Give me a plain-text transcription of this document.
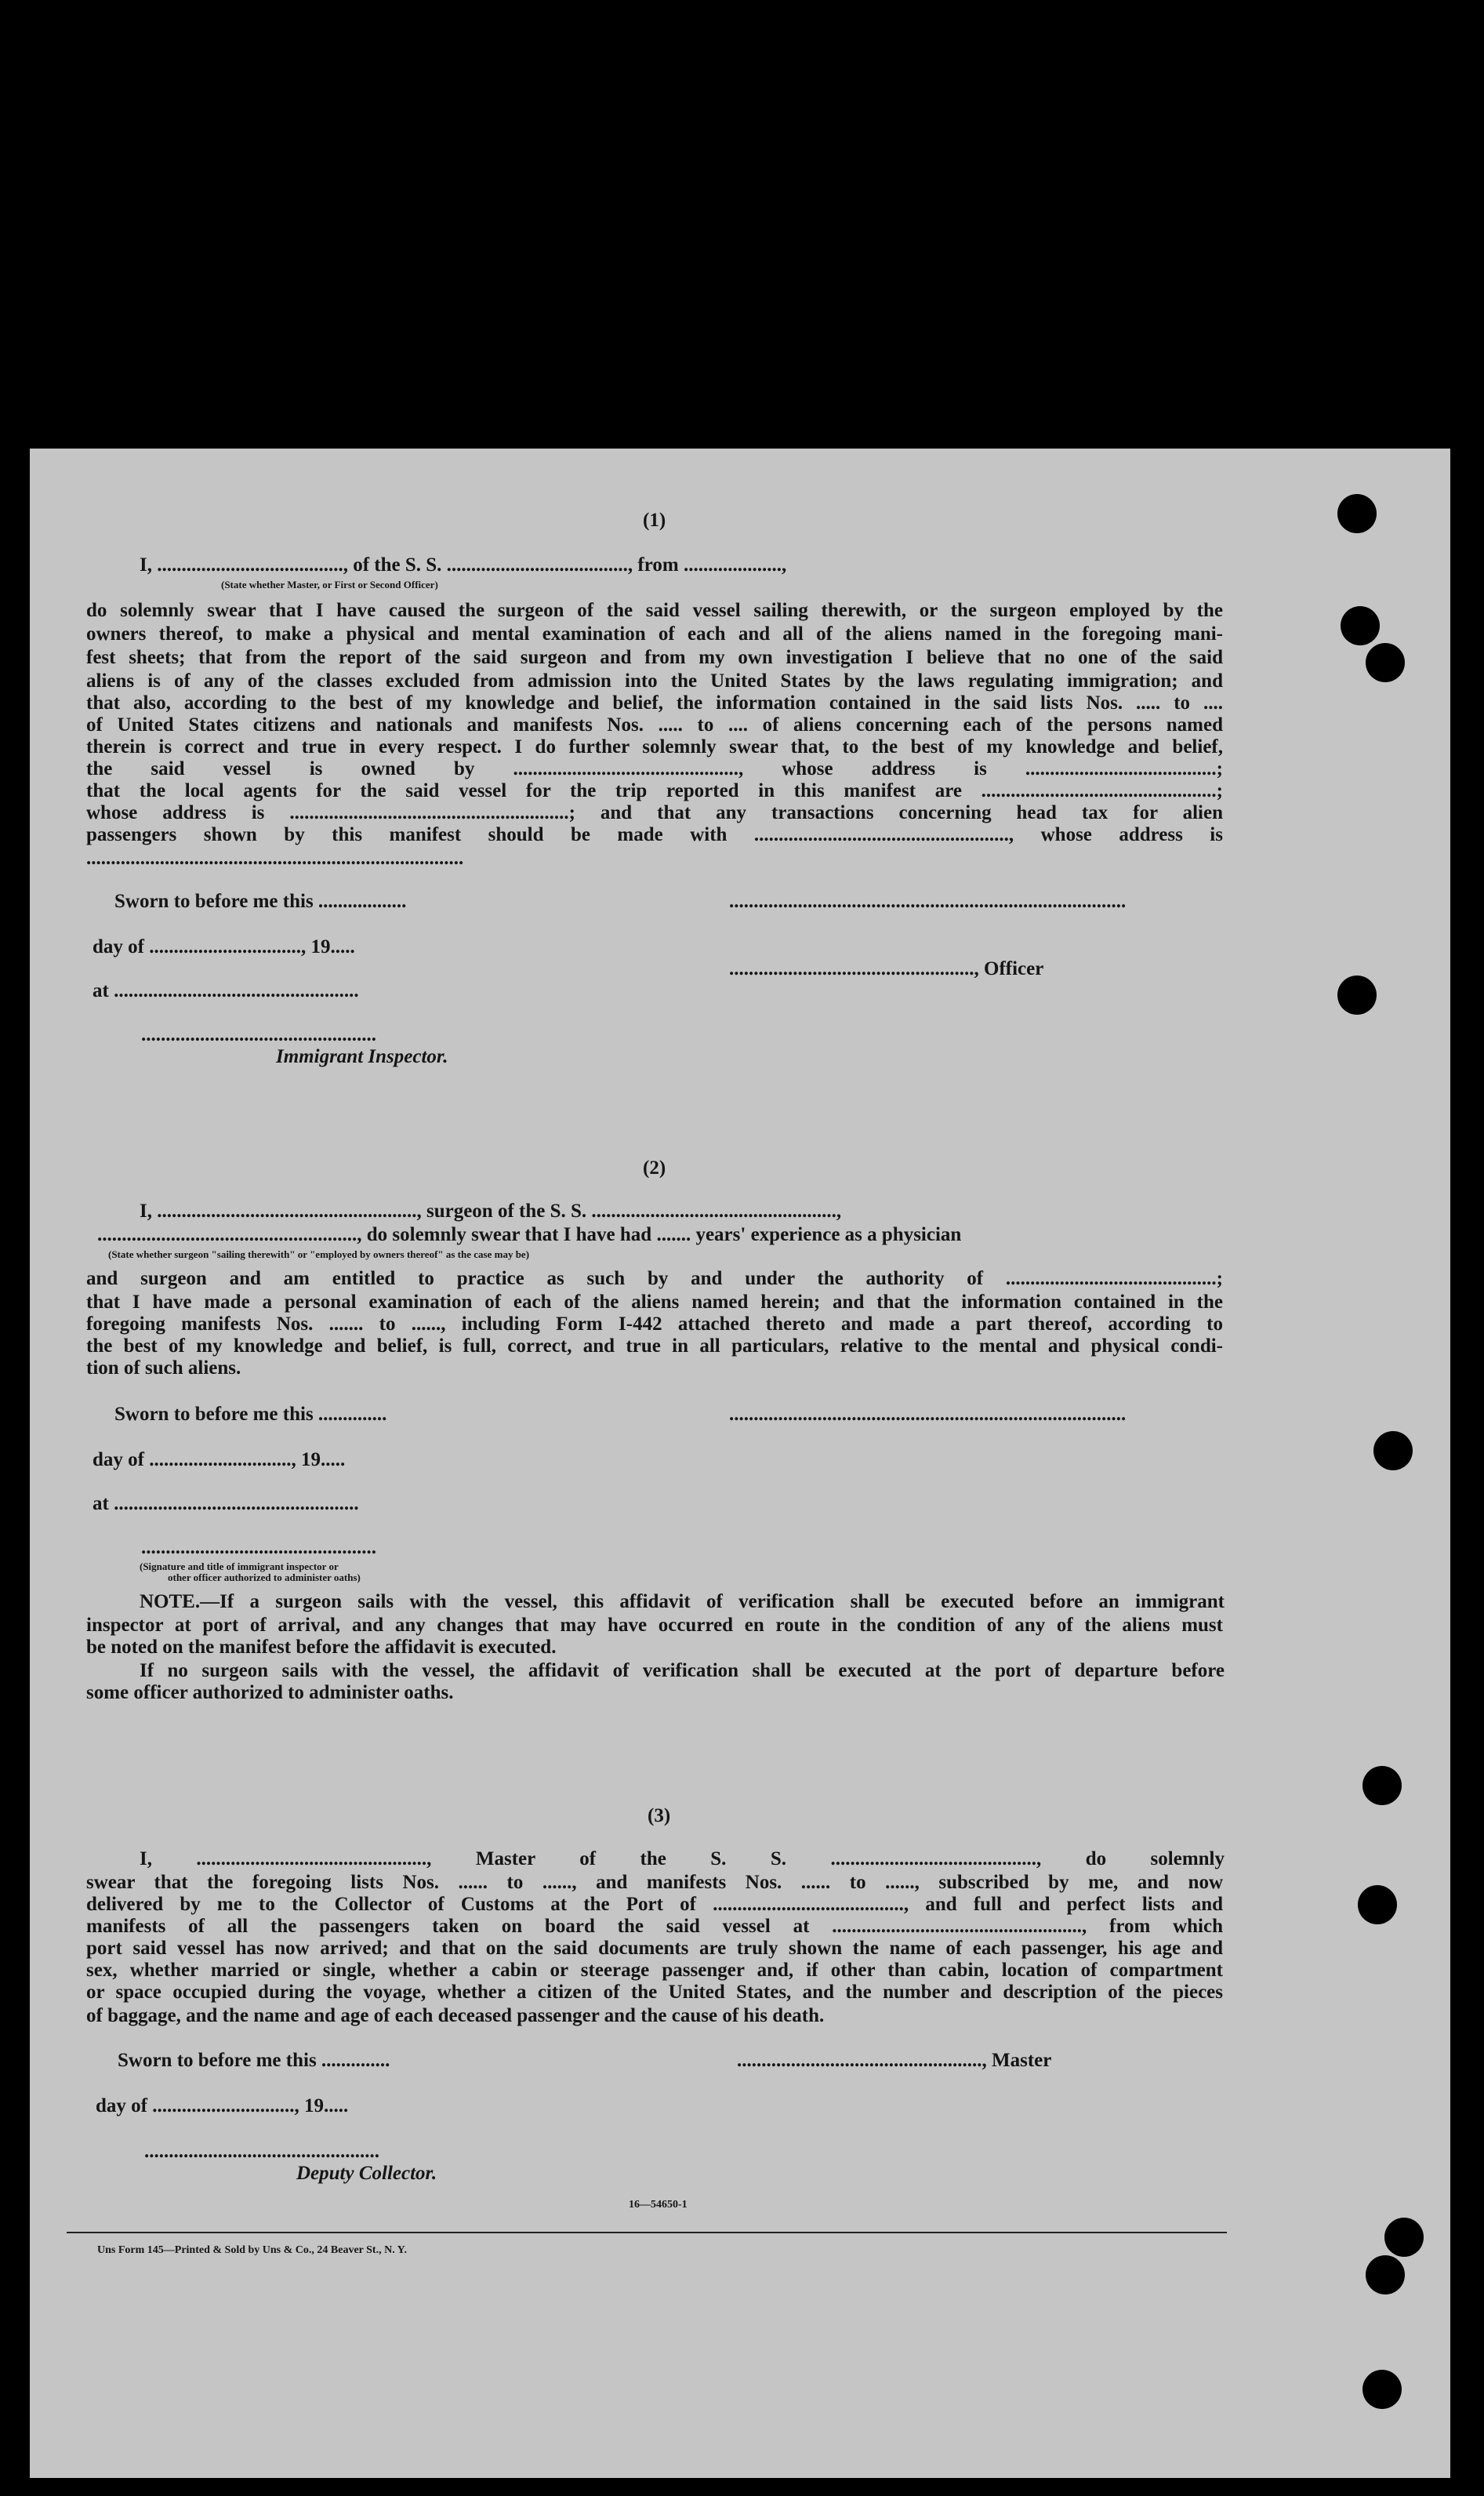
(1)
I, ......................................, of the S. S. ....................................., from ....................,
(State whether Master, or First or Second Officer)
do solemnly swear that I have caused the surgeon of the said vessel sailing therewith, or the surgeon employed by the
owners thereof, to make a physical and mental examination of each and all of the aliens named in the foregoing mani-
fest sheets; that from the report of the said surgeon and from my own investigation I believe that no one of the said
aliens is of any of the classes excluded from admission into the United States by the laws regulating immigration; and
that also, according to the best of my knowledge and belief, the information contained in the said lists Nos. ..... to ....
of United States citizens and nationals and manifests Nos. ..... to .... of aliens concerning each of the persons named
therein is correct and true in every respect. I do further solemnly swear that, to the best of my knowledge and belief,
the said vessel is owned by .............................................., whose address is .......................................;
that the local agents for the said vessel for the trip reported in this manifest are ................................................;
whose address is .........................................................; and that any transactions concerning head tax for alien
passengers shown by this manifest should be made with ...................................................., whose address is
.............................................................................
Sworn to before me this ..................	.................................................................................
day of ..............................., 19.....
.................................................., Officer
at ..................................................
................................................
Immigrant Inspector.
(2)
I, ....................................................., surgeon of the S. S. ..................................................,
....................................................., do solemnly swear that I have had ....... years' experience as a physician
(State whether surgeon "sailing therewith" or "employed by owners thereof" as the case may be)
and surgeon and am entitled to practice as such by and under the authority of ...........................................;
that I have made a personal examination of each of the aliens named herein; and that the information contained in the
foregoing manifests Nos. ....... to ......, including Form I-442 attached thereto and made a part thereof, according to
the best of my knowledge and belief, is full, correct, and true in all particulars, relative to the mental and physical condi-
tion of such aliens.
Sworn to before me this ..............	.................................................................................
day of ............................., 19.....
at ..................................................
................................................
(Signature and title of immigrant inspector or
other officer authorized to administer oaths)
NOTE.—If a surgeon sails with the vessel, this affidavit of verification shall be executed before an immigrant
inspector at port of arrival, and any changes that may have occurred en route in the condition of any of the aliens must
be noted on the manifest before the affidavit is executed.
If no surgeon sails with the vessel, the affidavit of verification shall be executed at the port of departure before
some officer authorized to administer oaths.
(3)
I, ..............................................., Master of the S. S. .........................................., do solemnly
swear that the foregoing lists Nos. ...... to ......, and manifests Nos. ...... to ......, subscribed by me, and now
delivered by me to the Collector of Customs at the Port of ......................................., and full and perfect lists and
manifests of all the passengers taken on board the said vessel at ..................................................., from which
port said vessel has now arrived; and that on the said documents are truly shown the name of each passenger, his age and
sex, whether married or single, whether a cabin or steerage passenger and, if other than cabin, location of compartment
or space occupied during the voyage, whether a citizen of the United States, and the number and description of the pieces
of baggage, and the name and age of each deceased passenger and the cause of his death.
Sworn to before me this ..............	.................................................., Master
day of ............................., 19.....
................................................
Deputy Collector.
16—54650-1
Uns Form 145—Printed & Sold by Uns & Co., 24 Beaver St., N. Y.
